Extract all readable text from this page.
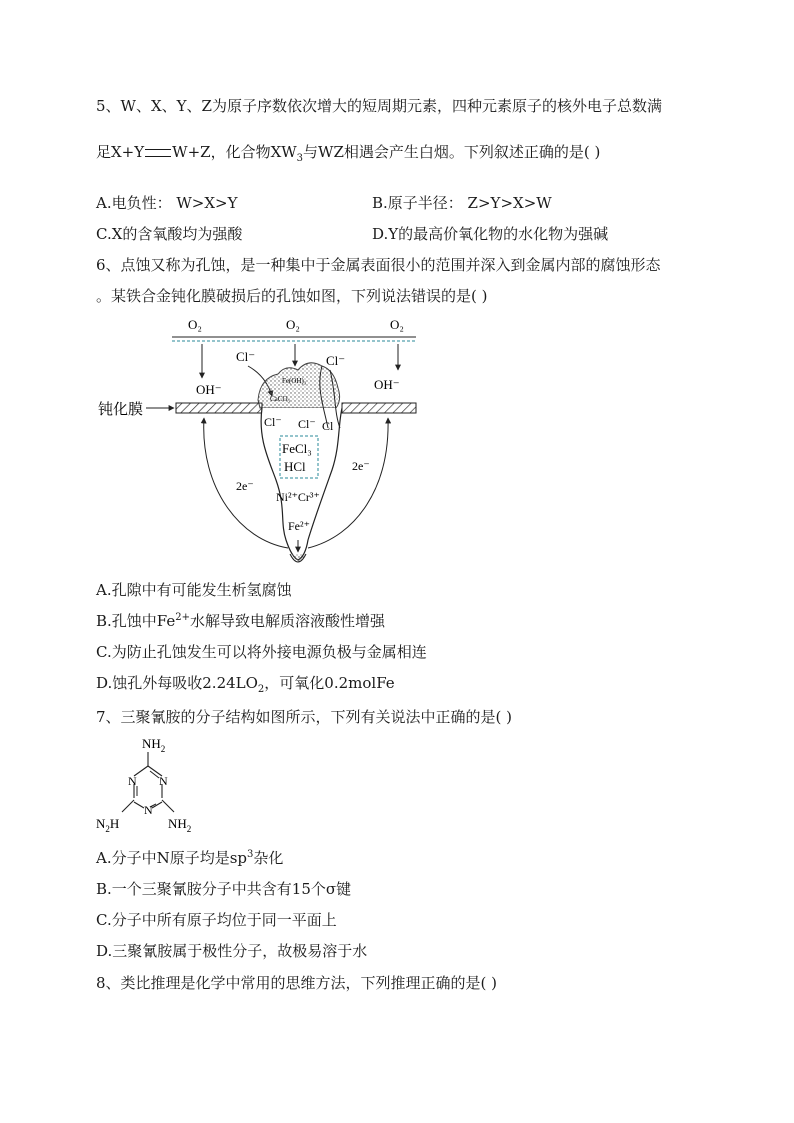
5、W、X、Y、Z为原子序数依次增大的短周期元素，四种元素原子的核外电子总数满
足X+Y W+Z，化合物$XW_3$与WZ相遇会产生白烟。下列叙述正确的是( )
A.电负性： W>X>Y	B.原子半径： Z>Y>X>W
C.X的含氧酸均为强酸	D.Y的最高价氧化物的水化物为强碱
6、点蚀又称为孔蚀，是一种集中于金属表面很小的范围并深入到金属内部的腐蚀形态
。某铁合金钝化膜破损后的孔蚀如图，下列说法错误的是( )
O₂	O₂	O₂
OH⁻	OH⁻
Cl⁻	Cl⁻
Fe(OH)₃
CaCO₃
Cl⁻ Cl⁻ Cl
FeCl₃
HCl
Ni²⁺Cr³⁺
Fe²⁺
2e⁻
2e⁻
钝化膜
A.孔隙中有可能发生析氢腐蚀
B.孔蚀中$Fe^{2+}$水解导致电解质溶液酸性增强
C.为防止孔蚀发生可以将外接电源负极与金属相连
D.蚀孔外每吸收$2.24LO_2$，可氧化0.2molFe
7、三聚氰胺的分子结构如图所示，下列有关说法中正确的是( )
$NH_2$
N
N
N
$N_2H$	$NH_2$
A.分子中N原子均是$sp^3$杂化
B.一个三聚氰胺分子中共含有15个σ键
C.分子中所有原子均位于同一平面上
D.三聚氰胺属于极性分子，故极易溶于水
8、类比推理是化学中常用的思维方法，下列推理正确的是( )
